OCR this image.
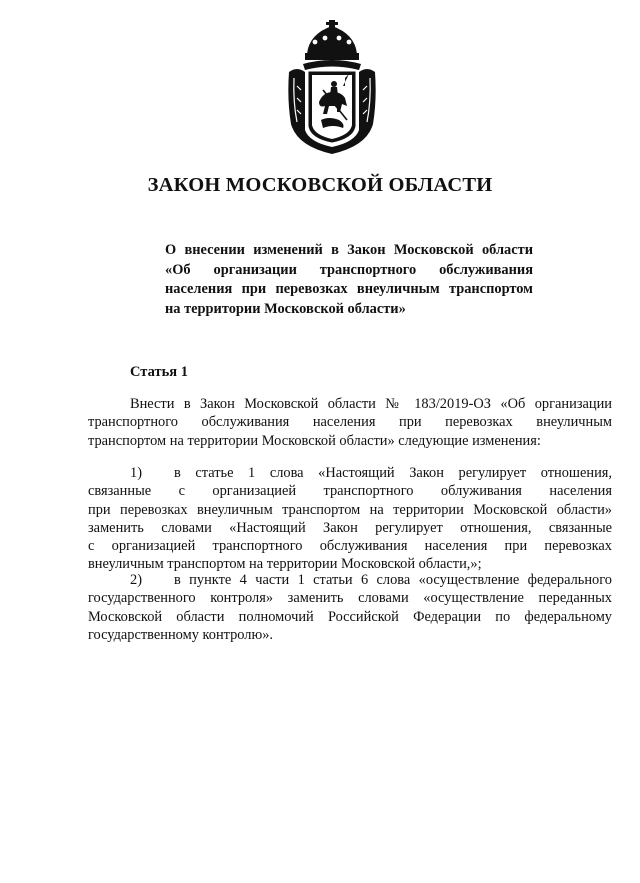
ЗАКОН МОСКОВСКОЙ ОБЛАСТИ
О внесении изменений в Закон Московской области
«Об организации транспортного обслуживания
населения при перевозках внеуличным транспортом
на территории Московской области»
Статья 1
Внести в Закон Московской области № 183/2019-ОЗ «Об организации
транспортного обслуживания населения при перевозках внеуличным
транспортом на территории Московской области» следующие изменения:
1) в статье 1 слова «Настоящий Закон регулирует отношения,
связанные с организацией транспортного облуживания населения
при перевозках внеуличным транспортом на территории Московской области»
заменить словами «Настоящий Закон регулирует отношения, связанные
с организацией транспортного обслуживания населения при перевозках
внеуличным транспортом на территории Московской области,»;
2) в пункте 4 части 1 статьи 6 слова «осуществление федерального
государственного контроля» заменить словами «осуществление переданных
Московской области полномочий Российской Федерации по федеральному
государственному контролю».
